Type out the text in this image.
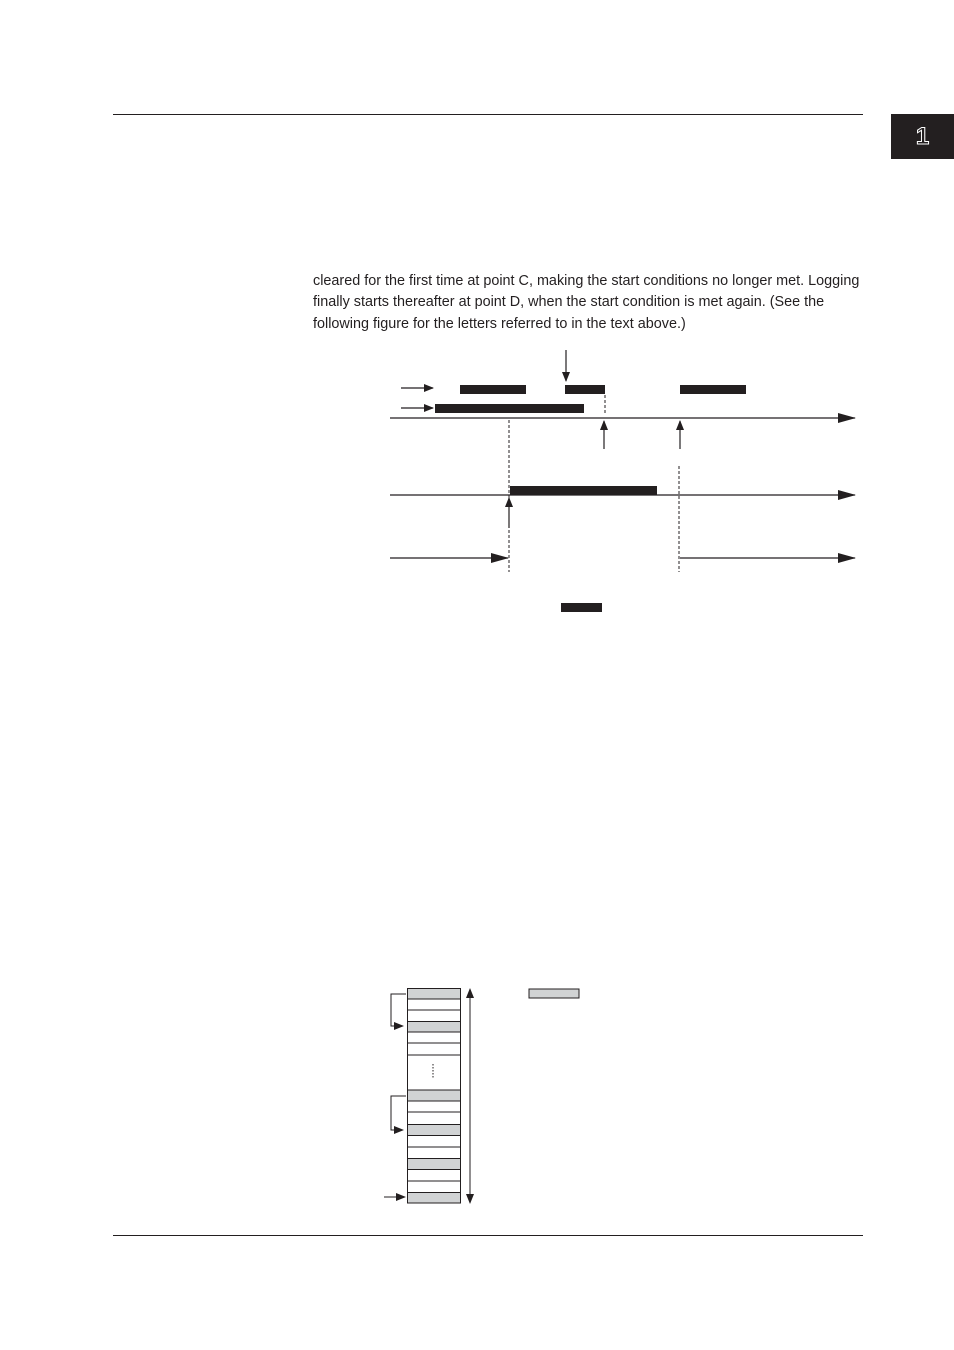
1

cleared for the first time at point C, making the start conditions no longer met. Logging
finally starts thereafter at point D, when the start condition is met again. (See the
following figure for the letters referred to in the text above.)
